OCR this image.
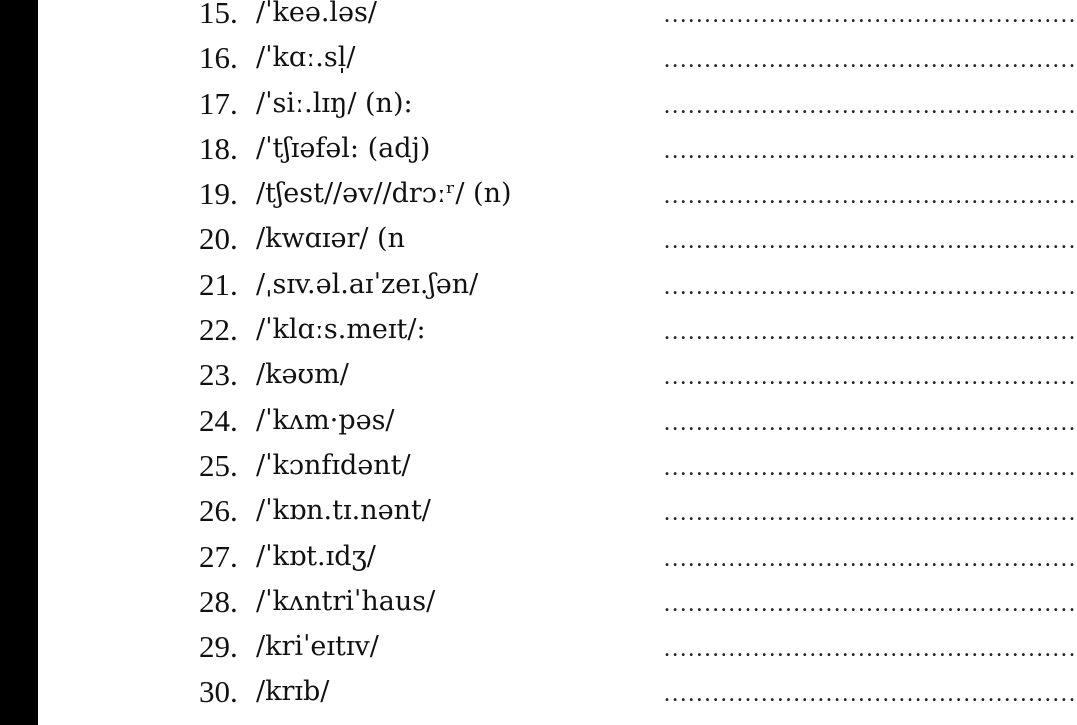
15. /ˈkeə.ləs/	...................................................
16. /ˈkɑː.sl̩/	...................................................
17. /ˈsiː.lɪŋ/ (n):	...................................................
18. /ˈtʃɪəfəl: (adj)	...................................................
19. /tʃest//əv//drɔːʳ/ (n)	...................................................
20. /kwɑɪər/ (n	...................................................
21. /ˌsɪv.əl.aɪˈzeɪ.ʃən/	...................................................
22. /ˈklɑːs.meɪt/:	...................................................
23. /kəʊm/	...................................................
24. /ˈkʌm·pəs/	...................................................
25. /ˈkɔnfɪdənt/	...................................................
26. /ˈkɒn.tɪ.nənt/	...................................................
27. /ˈkɒt.ɪdʒ/	...................................................
28. /ˈkʌntriˈhaus/	...................................................
29. /kriˈeɪtɪv/	...................................................
30. /krɪb/	...................................................
